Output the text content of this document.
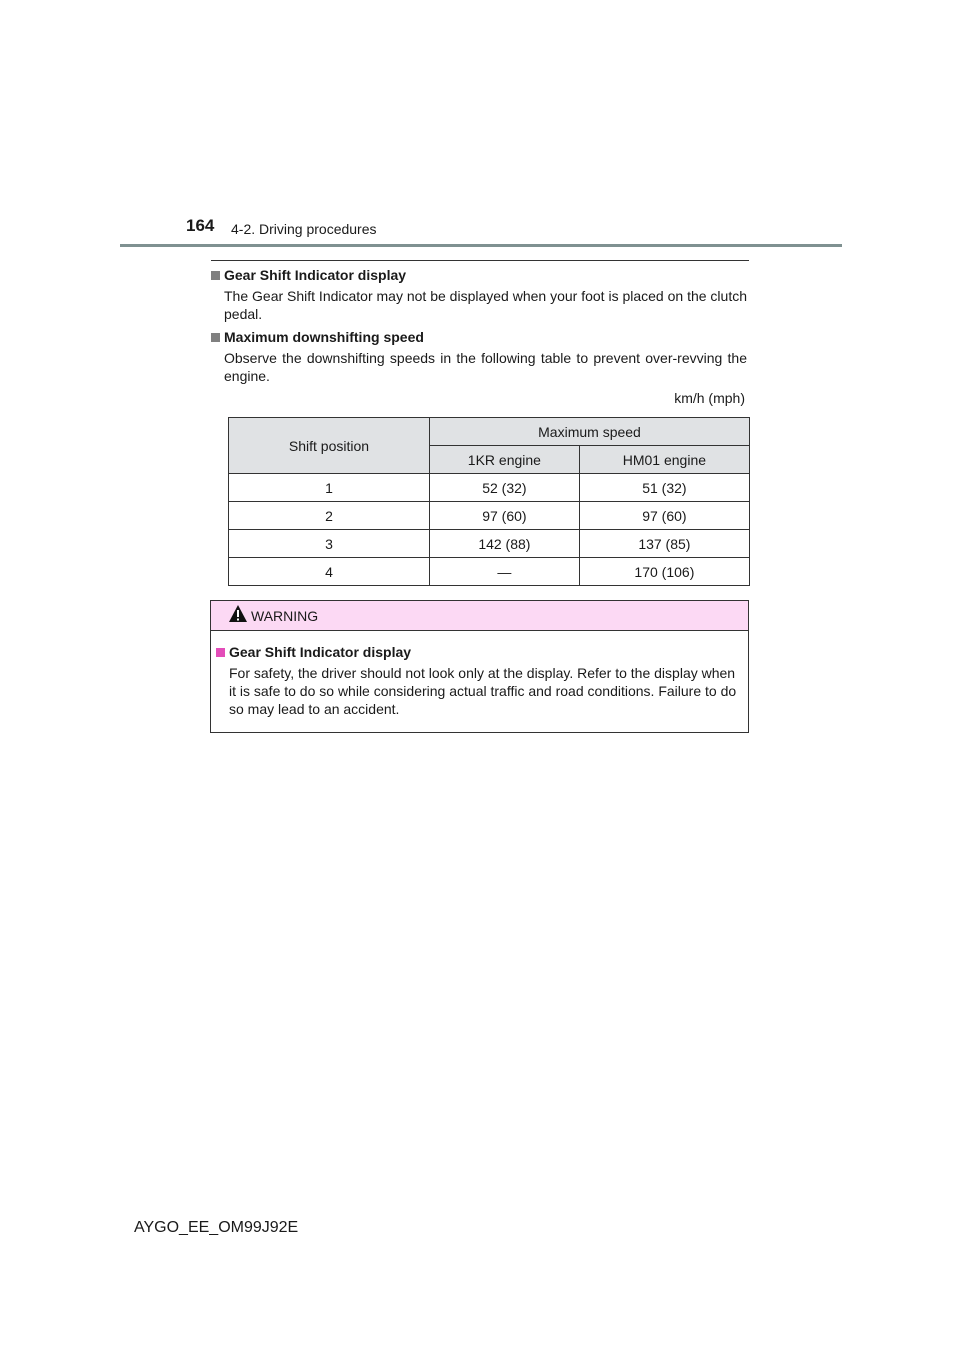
164 4-2. Driving procedures
Gear Shift Indicator display
The Gear Shift Indicator may not be displayed when your foot is placed on the clutch pedal.
Maximum downshifting speed
Observe the downshifting speeds in the following table to prevent over-revving the engine.
km/h (mph)
Shift position	Maximum speed	
	1KR engine	HM01 engine
1	52 (32)	51 (32)
2	97 (60)	97 (60)
3	142 (88)	137 (85)
4	—	170 (106)
WARNING
Gear Shift Indicator display
For safety, the driver should not look only at the display. Refer to the display when it is safe to do so while considering actual traffic and road conditions. Failure to do so may lead to an accident.
AYGO_EE_OM99J92E
